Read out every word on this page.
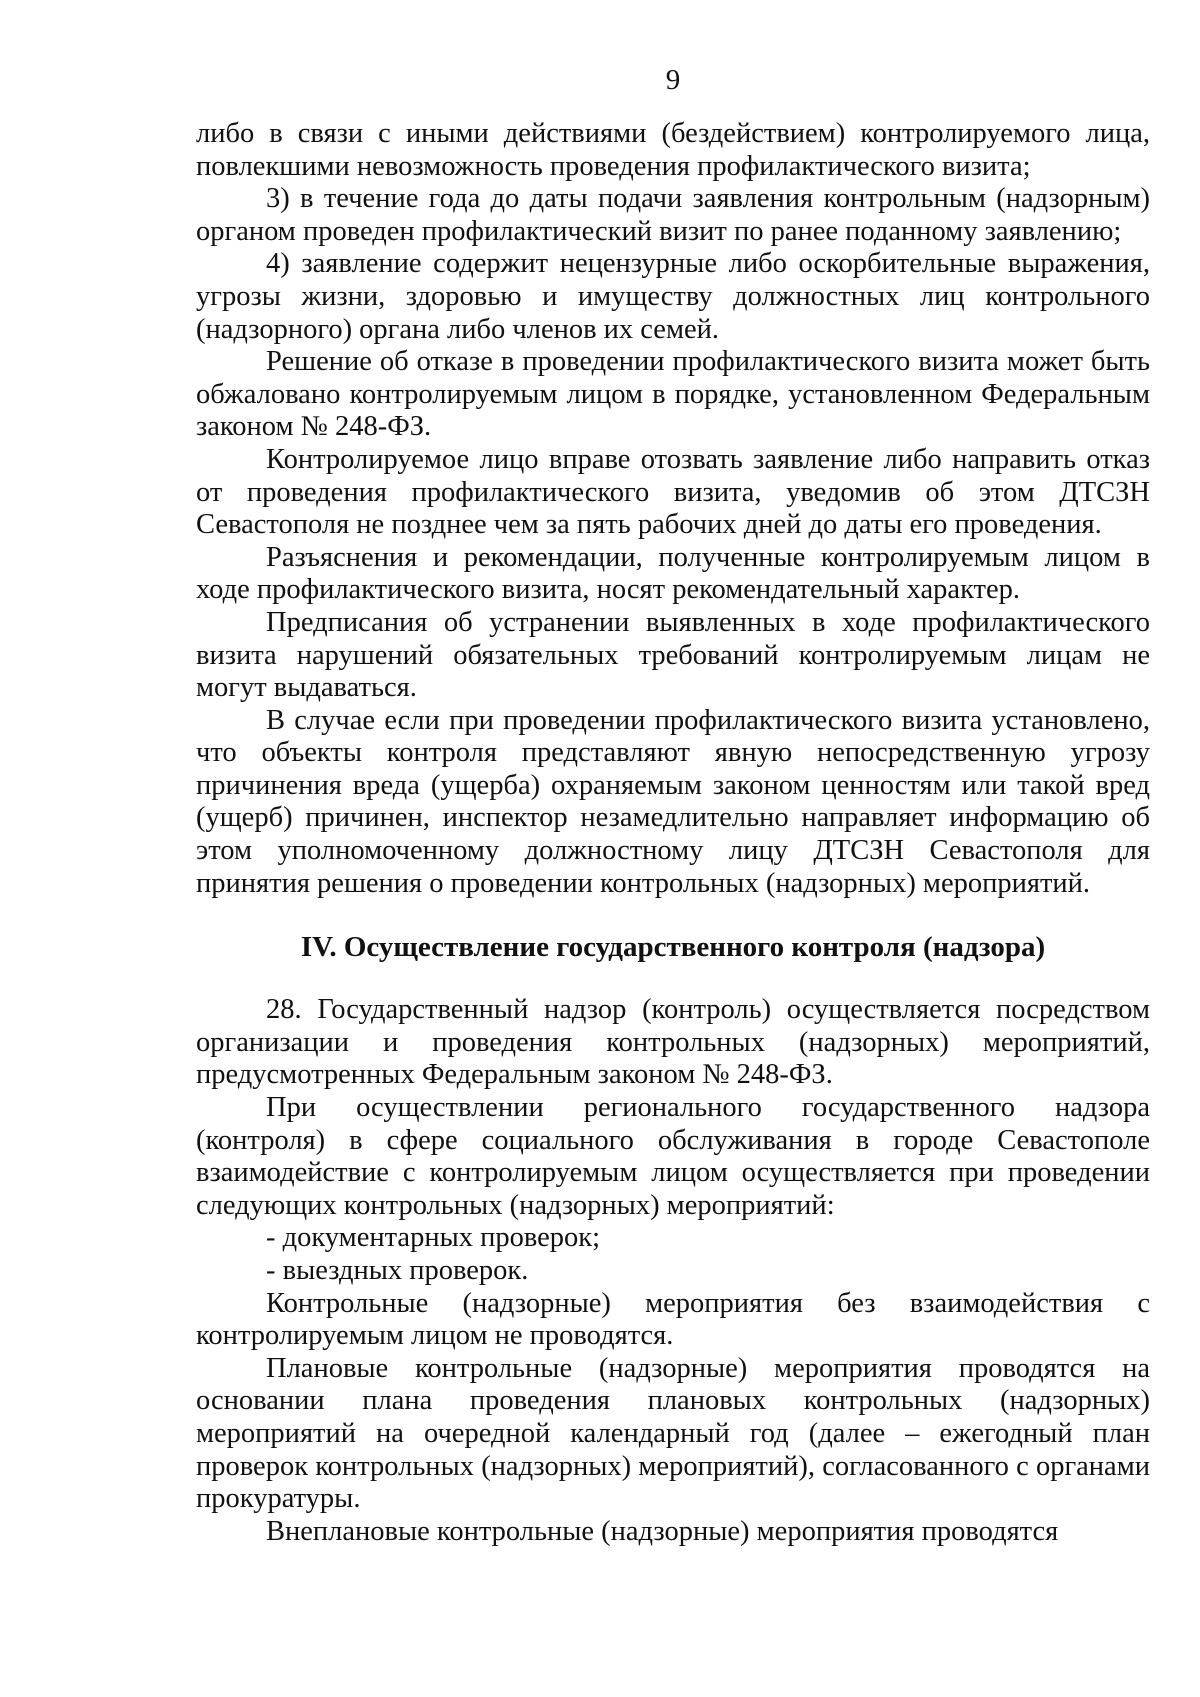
9

либо в связи с иными действиями (бездействием) контролируемого лица, повлекшими невозможность проведения профилактического визита;

3) в течение года до даты подачи заявления контрольным (надзорным) органом проведен профилактический визит по ранее поданному заявлению;

4) заявление содержит нецензурные либо оскорбительные выражения, угрозы жизни, здоровью и имуществу должностных лиц контрольного (надзорного) органа либо членов их семей.

Решение об отказе в проведении профилактического визита может быть обжаловано контролируемым лицом в порядке, установленном Федеральным законом № 248-ФЗ.

Контролируемое лицо вправе отозвать заявление либо направить отказ от проведения профилактического визита, уведомив об этом ДТСЗН Севастополя не позднее чем за пять рабочих дней до даты его проведения.

Разъяснения и рекомендации, полученные контролируемым лицом в ходе профилактического визита, носят рекомендательный характер.

Предписания об устранении выявленных в ходе профилактического визита нарушений обязательных требований контролируемым лицам не могут выдаваться.

В случае если при проведении профилактического визита установлено, что объекты контроля представляют явную непосредственную угрозу причинения вреда (ущерба) охраняемым законом ценностям или такой вред (ущерб) причинен, инспектор незамедлительно направляет информацию об этом уполномоченному должностному лицу ДТСЗН Севастополя для принятия решения о проведении контрольных (надзорных) мероприятий.

IV. Осуществление государственного контроля (надзора)

28. Государственный надзор (контроль) осуществляется посредством организации и проведения контрольных (надзорных) мероприятий, предусмотренных Федеральным законом № 248-ФЗ.

При осуществлении регионального государственного надзора (контроля) в сфере социального обслуживания в городе Севастополе взаимодействие с контролируемым лицом осуществляется при проведении следующих контрольных (надзорных) мероприятий:

- документарных проверок;

- выездных проверок.

Контрольные (надзорные) мероприятия без взаимодействия с контролируемым лицом не проводятся.

Плановые контрольные (надзорные) мероприятия проводятся на основании плана проведения плановых контрольных (надзорных) мероприятий на очередной календарный год (далее – ежегодный план проверок контрольных (надзорных) мероприятий), согласованного с органами прокуратуры.

Внеплановые контрольные (надзорные) мероприятия проводятся
